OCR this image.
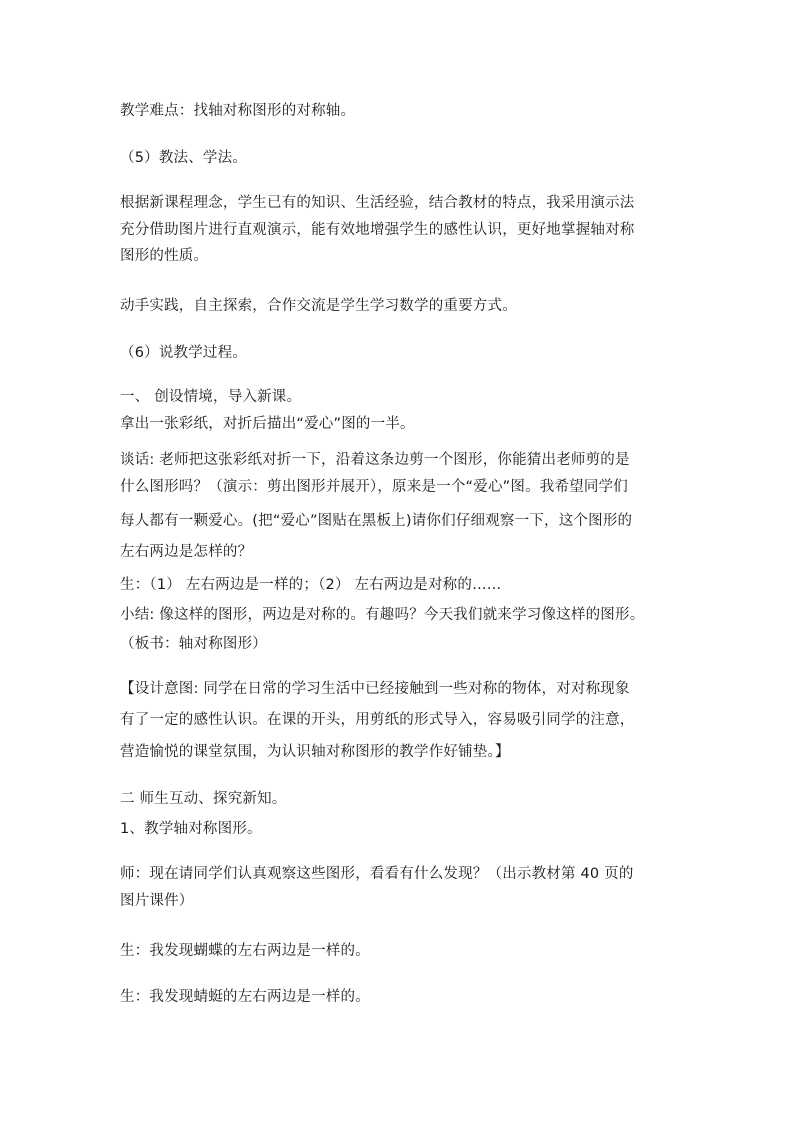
教学难点：找轴对称图形的对称轴。
（5）教法、学法。
根据新课程理念，学生已有的知识、生活经验，结合教材的特点，我采用演示法
充分借助图片进行直观演示，能有效地增强学生的感性认识，更好地掌握轴对称
图形的性质。
动手实践，自主探索，合作交流是学生学习数学的重要方式。
（6）说教学过程。
一、 创设情境，导入新课。
拿出一张彩纸，对折后描出“爱心”图的一半。
谈话: 老师把这张彩纸对折一下，沿着这条边剪一个图形，你能猜出老师剪的是
什么图形吗？（演示：剪出图形并展开），原来是一个“爱心”图。我希望同学们
每人都有一颗爱心。(把“爱心”图贴在黑板上)请你们仔细观察一下，这个图形的
左右两边是怎样的？
生：（1） 左右两边是一样的；（2） 左右两边是对称的……
小结: 像这样的图形，两边是对称的。有趣吗？今天我们就来学习像这样的图形。
（板书：轴对称图形）
【设计意图: 同学在日常的学习生活中已经接触到一些对称的物体，对对称现象
有了一定的感性认识。在课的开头，用剪纸的形式导入，容易吸引同学的注意，
营造愉悦的课堂氛围，为认识轴对称图形的教学作好铺垫。】
二 师生互动、探究新知。
1、教学轴对称图形。
师：现在请同学们认真观察这些图形，看看有什么发现？（出示教材第 40 页的
图片课件）
生：我发现蝴蝶的左右两边是一样的。
生：我发现蜻蜓的左右两边是一样的。
